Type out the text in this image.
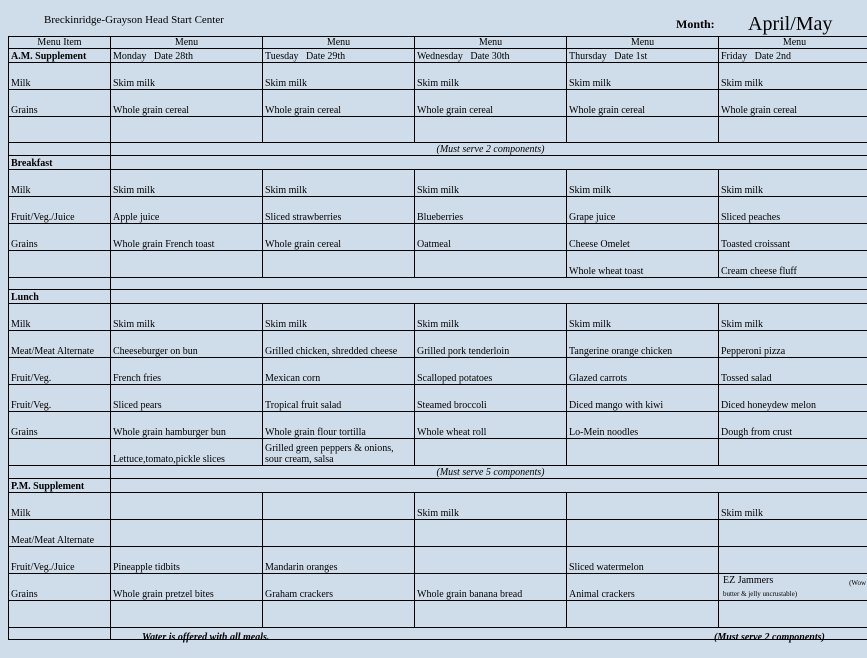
Breckinridge-Grayson Head Start Center	Month: April/May
Menu Item	Menu	Menu	Menu	Menu	Menu
A.M. Supplement	Monday Date 28th	Tuesday Date 29th	Wednesday Date 30th	Thursday Date 1st	Friday Date 2nd
Milk	Skim milk	Skim milk	Skim milk	Skim milk	Skim milk
Grains	Whole grain cereal	Whole grain cereal	Whole grain cereal	Whole grain cereal	Whole grain cereal

	(Must serve 2 components)				
Breakfast					
Milk	Skim milk	Skim milk	Skim milk	Skim milk	Skim milk
Fruit/Veg./Juice	Apple juice	Sliced strawberries	Blueberries	Grape juice	Sliced peaches
Grains	Whole grain French toast	Whole grain cereal	Oatmeal	Cheese Omelet	Toasted croissant
				Whole wheat toast	Cream cheese fluff

Lunch					
Milk	Skim milk	Skim milk	Skim milk	Skim milk	Skim milk
Meat/Meat Alternate	Cheeseburger on bun	Grilled chicken, shredded cheese	Grilled pork tenderloin	Tangerine orange chicken	Pepperoni pizza
Fruit/Veg.	French fries	Mexican corn	Scalloped potatoes	Glazed carrots	Tossed salad
Fruit/Veg.	Sliced pears	Tropical fruit salad	Steamed broccoli	Diced mango with kiwi	Diced honeydew melon
Grains	Whole grain hamburger bun	Whole grain flour tortilla	Whole wheat roll	Lo-Mein noodles	Dough from crust
	Lettuce,tomato,pickle slices	Grilled green peppers & onions, sour cream, salsa			
	(Must serve 5 components)				
P.M. Supplement					
Milk			Skim milk		Skim milk
Meat/Meat Alternate					
Fruit/Veg./Juice	Pineapple tidbits	Mandarin oranges		Sliced watermelon	
Grains	Whole grain pretzel bites	Graham crackers	Whole grain banana bread	Animal crackers	EZ Jammers (Wow
butter & jelly uncrustable)

Water is offered with all meals.	(Must serve 2 components)
